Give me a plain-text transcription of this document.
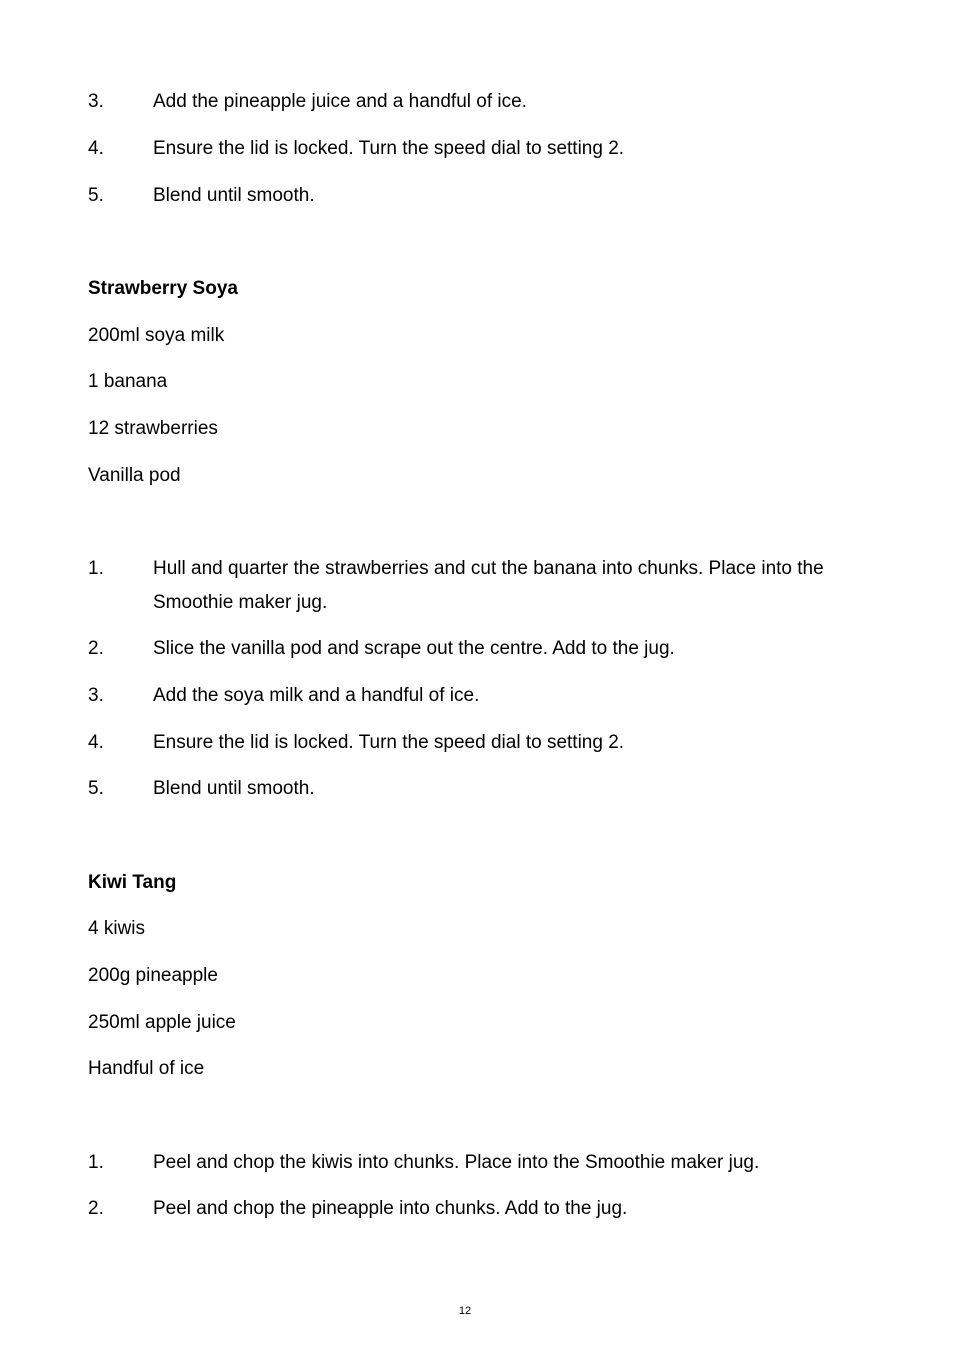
3.	Add the pineapple juice and a handful of ice.
4.	Ensure the lid is locked. Turn the speed dial to setting 2.
5.	Blend until smooth.
Strawberry Soya
200ml soya milk
1 banana
12 strawberries
Vanilla pod
1.	Hull and quarter the strawberries and cut the banana into chunks. Place into the Smoothie maker jug.
2.	Slice the vanilla pod and scrape out the centre. Add to the jug.
3.	Add the soya milk and a handful of ice.
4.	Ensure the lid is locked. Turn the speed dial to setting 2.
5.	Blend until smooth.
Kiwi Tang
4 kiwis
200g pineapple
250ml apple juice
Handful of ice
1.	Peel and chop the kiwis into chunks. Place into the Smoothie maker jug.
2.	Peel and chop the pineapple into chunks. Add to the jug.
12
